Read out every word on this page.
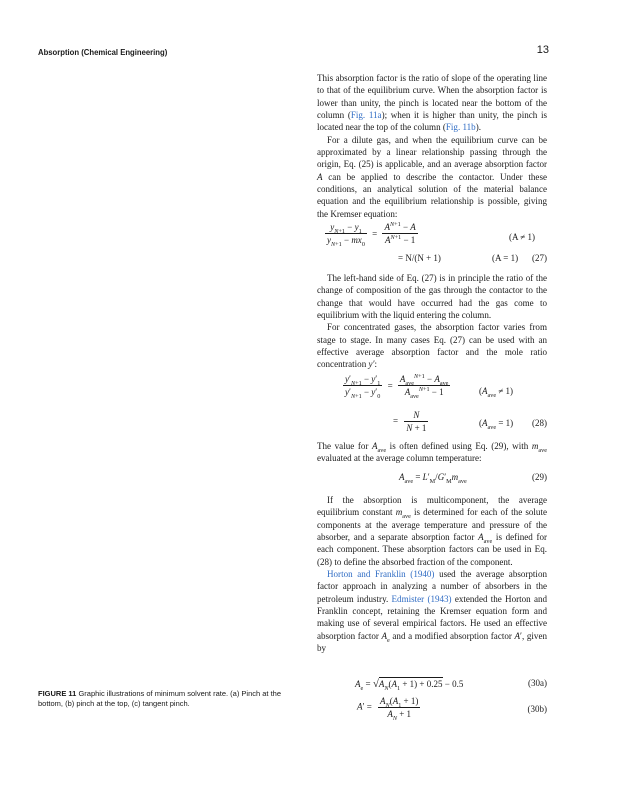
Absorption (Chemical Engineering)	13

This absorption factor is the ratio of slope of the operating line to that of the equilibrium curve. When the absorption factor is lower than unity, the pinch is located near the bottom of the column (Fig. 11a); when it is higher than unity, the pinch is located near the top of the column (Fig. 11b).

For a dilute gas, and when the equilibrium curve can be approximated by a linear relationship passing through the origin, Eq. (25) is applicable, and an average absorption factor A can be applied to describe the contactor. Under these conditions, an analytical solution of the material balance equation and the equilibrium relationship is possible, giving the Kremser equation:

$\frac{y_{N+1} - y_1}{y_{N+1} - mx_0} = \frac{A^{N+1} - A}{A^{N+1} - 1}$	(A ≠ 1)
= N/(N + 1)	(A = 1) (27)

The left-hand side of Eq. (27) is in principle the ratio of the change of composition of the gas through the contactor to the change that would have occurred had the gas come to equilibrium with the liquid entering the column.

For concentrated gases, the absorption factor varies from stage to stage. In many cases Eq. (27) can be used with an effective average absorption factor and the mole ratio concentration y′:

$\frac{y'_{N+1} - y'_1}{y'_{N+1} - y'_0} = \frac{A_{ave}^{N+1} - A_{ave}}{A_{ave}^{N+1} - 1}$	$(A_{ave} \ne 1)$
= $\frac{N}{N + 1}$	$(A_{ave} = 1)$ (28)

The value for $A_{ave}$ is often defined using Eq. (29), with $m_{ave}$ evaluated at the average column temperature:

$A_{ave} = L'_M/G'_Mm_{ave}$	(29)

If the absorption is multicomponent, the average equilibrium constant $m_{ave}$ is determined for each of the solute components at the average temperature and pressure of the absorber, and a separate absorption factor $A_{ave}$ is defined for each component. These absorption factors can be used in Eq. (28) to define the absorbed fraction of the component.

Horton and Franklin (1940) used the average absorption factor approach in analyzing a number of absorbers in the petroleum industry. Edmister (1943) extended the Horton and Franklin concept, retaining the Kremser equation form and making use of several empirical factors. He used an effective absorption factor $A_e$ and a modified absorption factor A′, given by

$A_e = √A_N(A_1 + 1) + 0.25 - 0.5$	(30a)
$A' = \frac{A_N(A_1 + 1)}{A_N + 1}$	(30b)
FIGURE 11 Graphic illustrations of minimum solvent rate. (a) Pinch at the bottom, (b) pinch at the top, (c) tangent pinch.
